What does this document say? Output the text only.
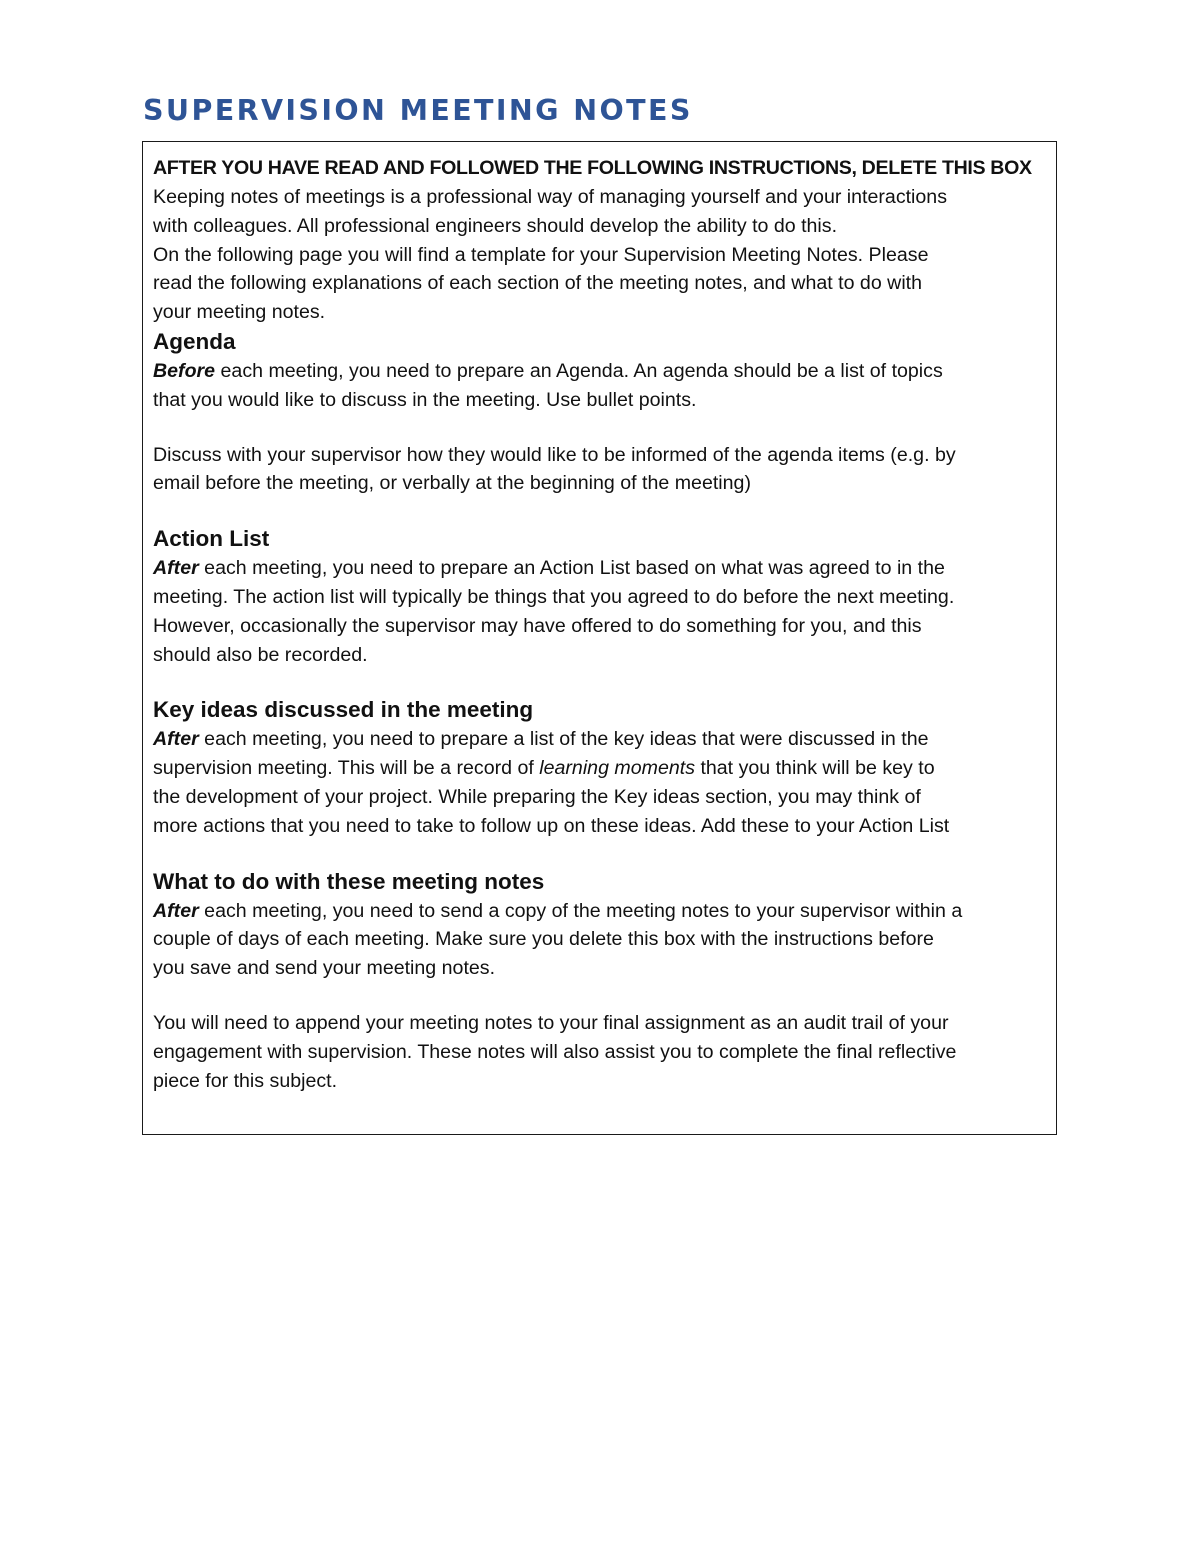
SUPERVISION MEETING NOTES

AFTER YOU HAVE READ AND FOLLOWED THE FOLLOWING INSTRUCTIONS, DELETE THIS BOX

Keeping notes of meetings is a professional way of managing yourself and your interactions

with colleagues. All professional engineers should develop the ability to do this.

On the following page you will find a template for your Supervision Meeting Notes. Please

read the following explanations of each section of the meeting notes, and what to do with

your meeting notes.

Agenda

Before each meeting, you need to prepare an Agenda. An agenda should be a list of topics

that you would like to discuss in the meeting. Use bullet points.

Discuss with your supervisor how they would like to be informed of the agenda items (e.g. by

email before the meeting, or verbally at the beginning of the meeting)

Action List

After each meeting, you need to prepare an Action List based on what was agreed to in the

meeting. The action list will typically be things that you agreed to do before the next meeting.

However, occasionally the supervisor may have offered to do something for you, and this

should also be recorded.

Key ideas discussed in the meeting

After each meeting, you need to prepare a list of the key ideas that were discussed in the

supervision meeting. This will be a record of learning moments that you think will be key to

the development of your project. While preparing the Key ideas section, you may think of

more actions that you need to take to follow up on these ideas. Add these to your Action List

What to do with these meeting notes

After each meeting, you need to send a copy of the meeting notes to your supervisor within a

couple of days of each meeting. Make sure you delete this box with the instructions before

you save and send your meeting notes.

You will need to append your meeting notes to your final assignment as an audit trail of your

engagement with supervision. These notes will also assist you to complete the final reflective

piece for this subject.
